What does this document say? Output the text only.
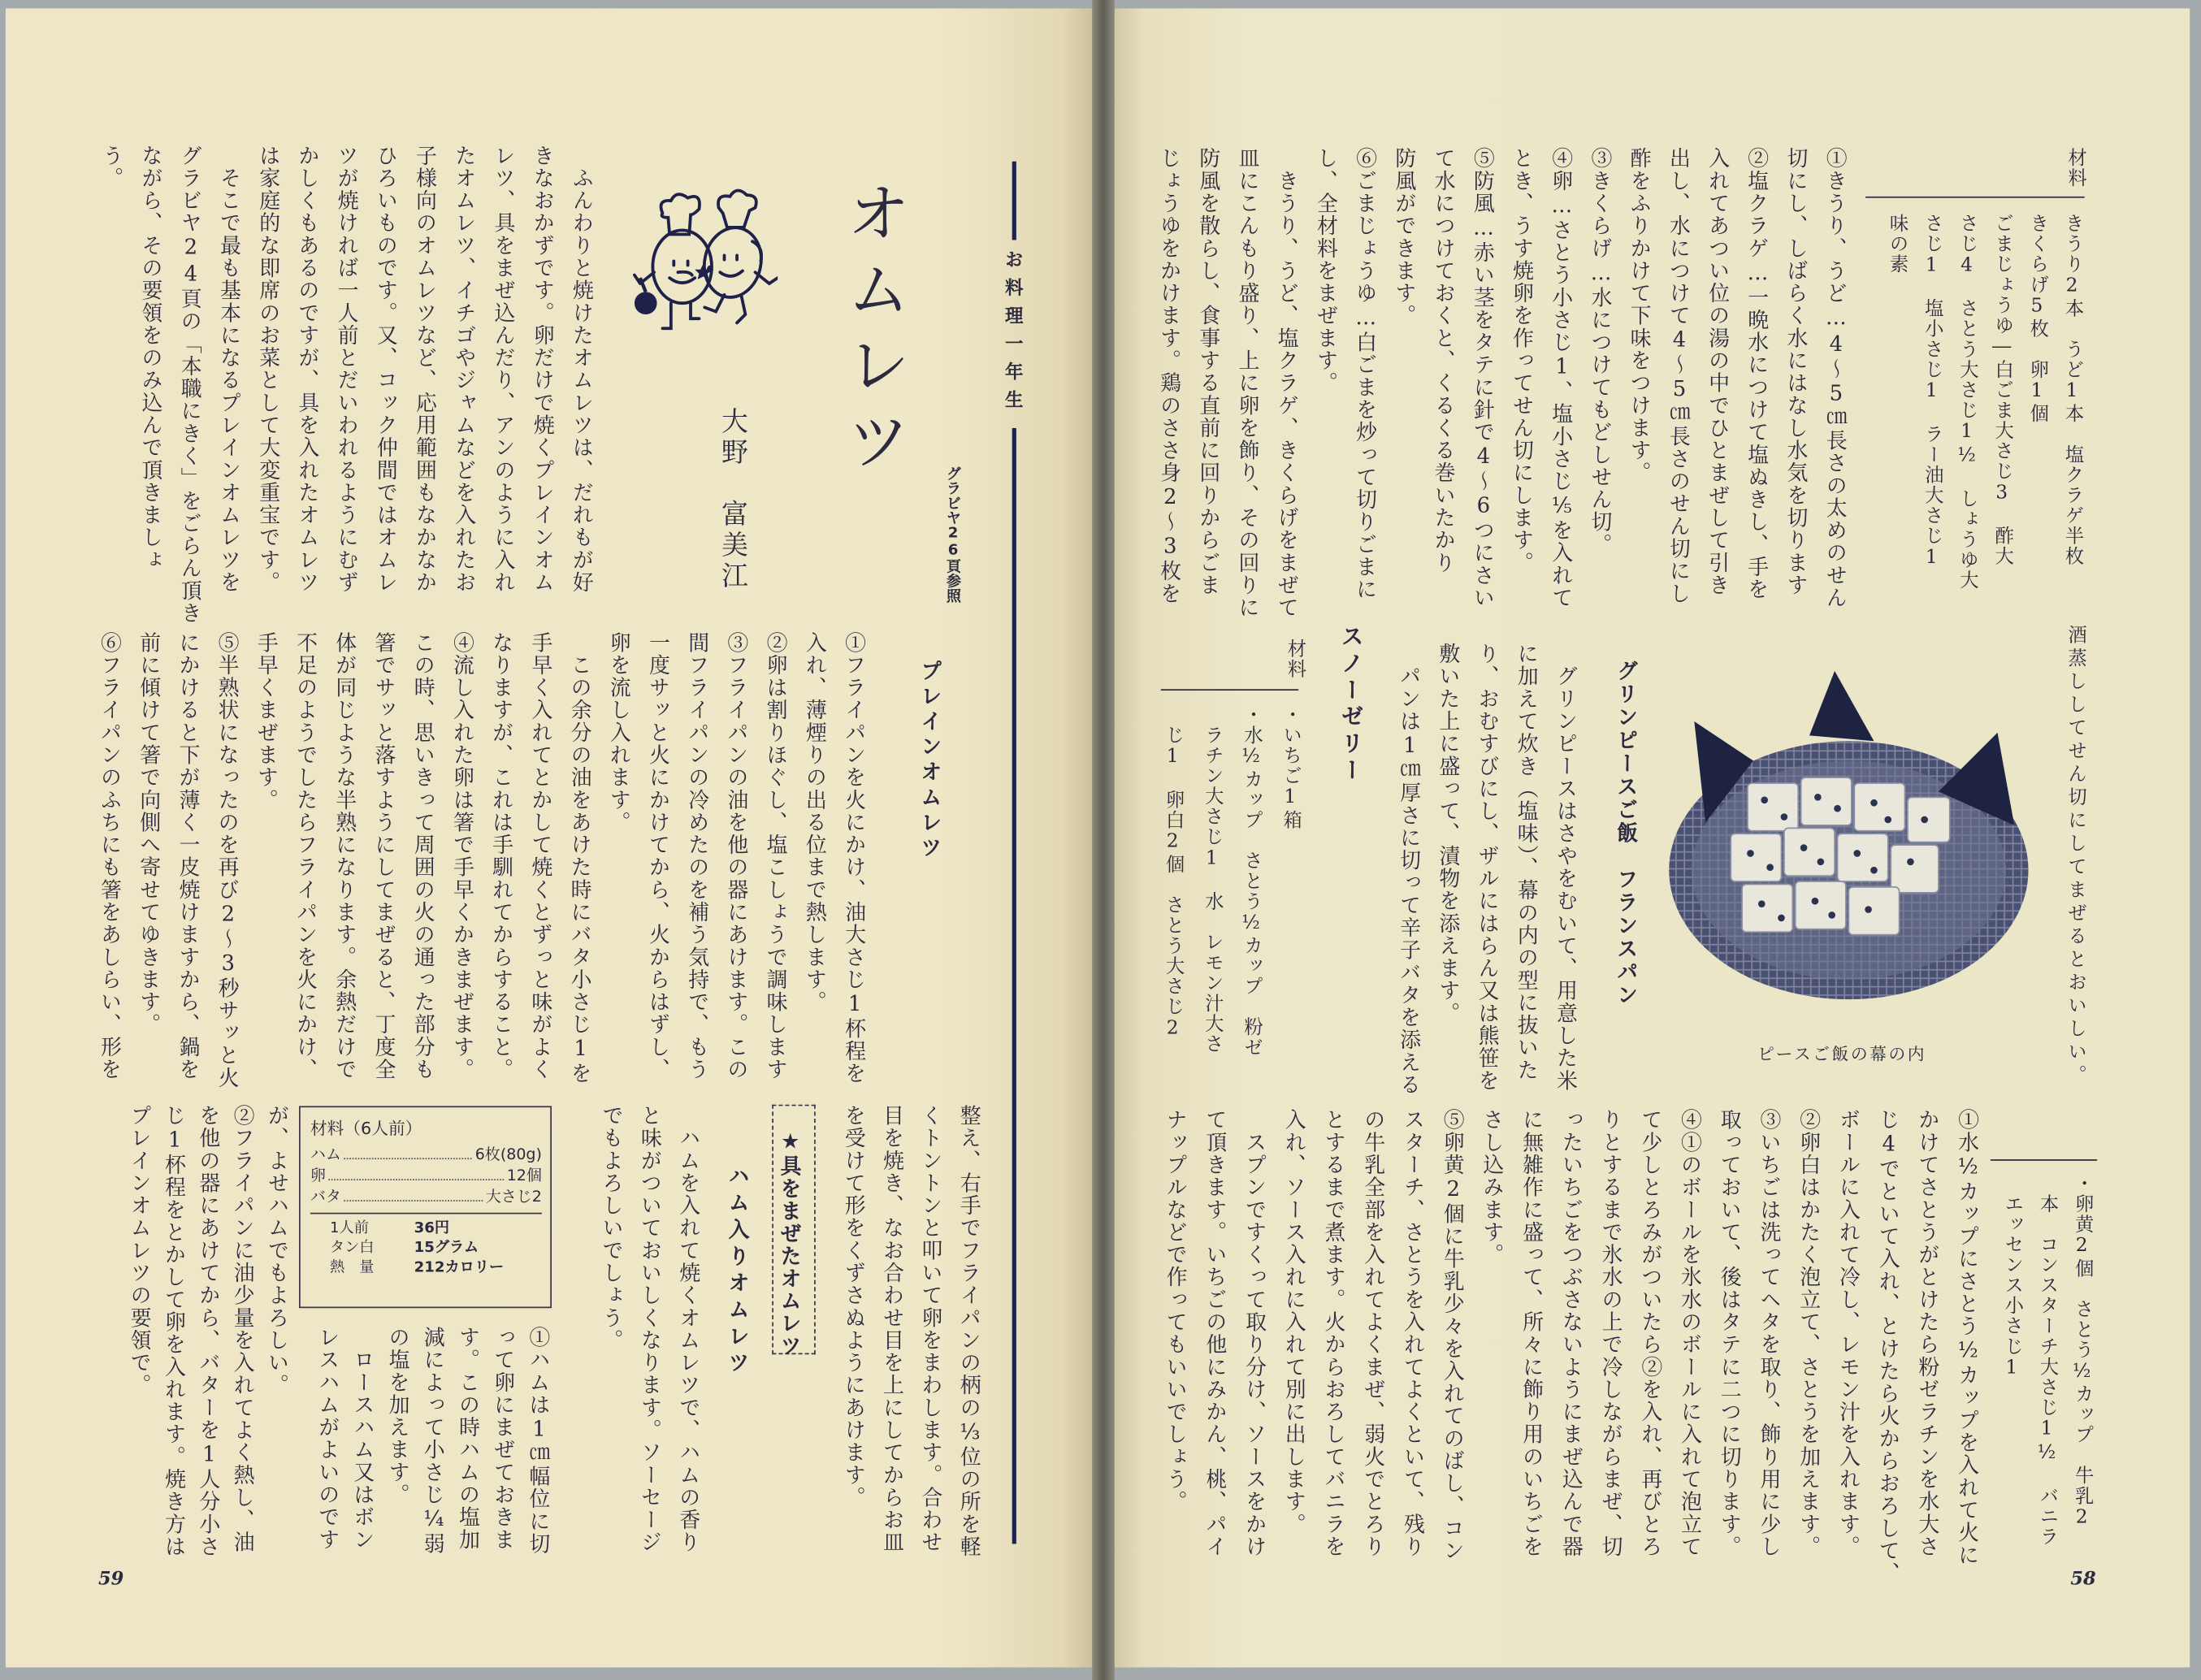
お料理一年生
オムレツ
グラビヤ26頁参照
大野　富美江
　ふんわりと焼けたオムレツは、だれもが好
きなおかずです。卵だけで焼くプレインオム
レツ、具をまぜ込んだり、アンのように入れ
たオムレツ、イチゴやジャムなどを入れたお
子様向のオムレツなど、応用範囲もなかなか
ひろいものです。又、コック仲間ではオムレ
ツが焼ければ一人前とだいわれるようにむず
かしくもあるのですが、具を入れたオムレツ
は家庭的な即席のお菜として大変重宝です。
　そこで最も基本になるプレインオムレツを
グラビヤ24頁の「本職にきく」をごらん頂き
ながら、その要領をのみ込んで頂きましょ
う。
プレインオムレツ
①フライパンを火にかけ、油大さじ1杯程を
入れ、薄煙りの出る位まで熱します。
②卵は割りほぐし、塩こしょうで調味します
③フライパンの油を他の器にあけます。この
間フライパンの冷めたのを補う気持で、もう
一度サッと火にかけてから、火からはずし、
卵を流し入れます。
　この余分の油をあけた時にバタ小さじ1を
手早く入れてとかして焼くとずっと味がよく
なりますが、これは手馴れてからすること。
④流し入れた卵は箸で手早くかきまぜます。
この時、思いきって周囲の火の通った部分も
箸でサッと落すようにしてまぜると、丁度全
体が同じような半熟になります。余熱だけで
不足のようでしたらフライパンを火にかけ、
手早くまぜます。
⑤半熟状になったのを再び2〜3秒サッと火
にかけると下が薄く一皮焼けますから、鍋を
前に傾けて箸で向側へ寄せてゆきます。
⑥フライパンのふちにも箸をあしらい、形を
整え、右手でフライパンの柄の⅓位の所を軽
くトントンと叩いて卵をまわします。合わせ
目を焼き、なお合わせ目を上にしてからお皿
を受けて形をくずさぬようにあけます。
★具をまぜたオムレツ
ハム入りオムレツ
　ハムを入れて焼くオムレツで、ハムの香り
と味がついておいしくなります。ソーセージ
でもよろしいでしょう。
材料（6人前）
ハム	6枚(80g)
卵	12個
バタ	大さじ2
1人前	36円
タン白	15グラム
熱　量	212カロリー
①ハムは1㎝幅位に切
って卵にまぜておきま
す。この時ハムの塩加
減によって小さじ¼弱
の塩を加えます。
　ロースハム又はボン
レスハムがよいのです
が、よせハムでもよろしい。
②フライパンに油少量を入れてよく熱し、油
を他の器にあけてから、バターを1人分小さ
じ1杯程をとかして卵を入れます。焼き方は
プレインオムレツの要領で。
59
材料
きうり2本　うど1本　塩クラゲ半枚
きくらげ5枚　卵1個
ごまじょうゆ―白ごま大さじ3　酢大
さじ4　さとう大さじ1½　しょうゆ大
さじ1　塩小さじ1　ラー油大さじ1
味の素
酒蒸ししてせん切にしてまぜるとおいしい。
①きうり、うど…4〜5㎝長さの太めのせん
切にし、しばらく水にはなし水気を切ります
②塩クラゲ…一晩水につけて塩ぬきし、手を
入れてあつい位の湯の中でひとまぜして引き
出し、水につけて4〜5㎝長さのせん切にし
酢をふりかけて下味をつけます。
③きくらげ…水につけてもどしせん切。
④卵…さとう小さじ1、塩小さじ⅕を入れて
とき、うす焼卵を作ってせん切にします。
⑤防風…赤い茎をタテに針で4〜6つにさい
て水につけておくと、くるくる巻いたかり
防風ができます。
⑥ごまじょうゆ…白ごまを炒って切りごまに
し、全材料をまぜます。
　きうり、うど、塩クラゲ、きくらげをまぜて
皿にこんもり盛り、上に卵を飾り、その回りに
防風を散らし、食事する直前に回りからごま
じょうゆをかけます。鶏のささ身2〜3枚を
ピースご飯の幕の内
グリンピースご飯　フランスパン
　グリンピースはさやをむいて、用意した米
に加えて炊き（塩味）、幕の内の型に抜いた
り、おむすびにし、ザルにはらん又は熊笹を
敷いた上に盛って、漬物を添えます。
　パンは1㎝厚さに切って辛子バタを添える
スノーゼリー
材料
・いちご1箱
・水½カップ　さとう½カップ　粉ゼ
　ラチン大さじ1　水　レモン汁大さ
　じ1　卵白2個　さとう大さじ2
・卵黄2個　さとう½カップ　牛乳2
　本　コンスターチ大さじ1½　バニラ
　エッセンス小さじ1
①水½カップにさとう½カップを入れて火に
かけてさとうがとけたら粉ゼラチンを水大さ
じ4でといて入れ、とけたら火からおろして、
ボールに入れて冷し、レモン汁を入れます。
②卵白はかたく泡立て、さとうを加えます。
③いちごは洗ってヘタを取り、飾り用に少し
取っておいて、後はタテに二つに切ります。
④①のボールを氷水のボールに入れて泡立て
て少しとろみがついたら②を入れ、再びとろ
りとするまで氷水の上で冷しながらまぜ、切
ったいちごをつぶさないようにまぜ込んで器
に無雑作に盛って、所々に飾り用のいちごを
さし込みます。
⑤卵黄2個に牛乳少々を入れてのばし、コン
スターチ、さとうを入れてよくといて、残り
の牛乳全部を入れてよくまぜ、弱火でとろり
とするまで煮ます。火からおろしてバニラを
入れ、ソース入れに入れて別に出します。
　スプンですくって取り分け、ソースをかけ
て頂きます。いちごの他にみかん、桃、パイ
ナップルなどで作ってもいいでしょう。
58
